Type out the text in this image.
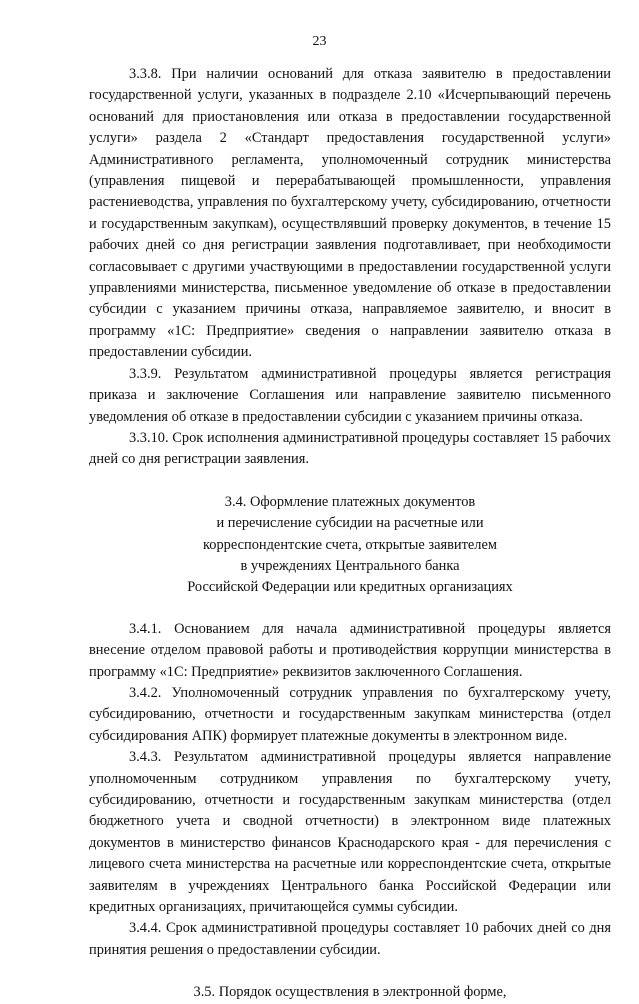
23

3.3.8. При наличии оснований для отказа заявителю в предоставлении государственной услуги, указанных в подразделе 2.10 «Исчерпывающий перечень оснований для приостановления или отказа в предоставлении государственной услуги» раздела 2 «Стандарт предоставления государственной услуги» Административного регламента, уполномоченный сотрудник министерства (управления пищевой и перерабатывающей промышленности, управления растениеводства, управления по бухгалтерскому учету, субсидированию, отчетности и государственным закупкам), осуществлявший проверку документов, в течение 15 рабочих дней со дня регистрации заявления подготавливает, при необходимости согласовывает с другими участвующими в предоставлении государственной услуги управлениями министерства, письменное уведомление об отказе в предоставлении субсидии с указанием причины отказа, направляемое заявителю, и вносит в программу «1С: Предприятие» сведения о направлении заявителю отказа в предоставлении субсидии.

3.3.9. Результатом административной процедуры является регистрация приказа и заключение Соглашения или направление заявителю письменного уведомления об отказе в предоставлении субсидии с указанием причины отказа.

3.3.10. Срок исполнения административной процедуры составляет 15 рабочих дней со дня регистрации заявления.

3.4. Оформление платежных документов

и перечисление субсидии на расчетные или

корреспондентские счета, открытые заявителем

в учреждениях Центрального банка

Российской Федерации или кредитных организациях

3.4.1. Основанием для начала административной процедуры является внесение отделом правовой работы и противодействия коррупции министерства в программу «1С: Предприятие» реквизитов заключенного Соглашения.

3.4.2. Уполномоченный сотрудник управления по бухгалтерскому учету, субсидированию, отчетности и государственным закупкам министерства (отдел субсидирования АПК) формирует платежные документы в электронном виде.

3.4.3. Результатом административной процедуры является направление уполномоченным сотрудником управления по бухгалтерскому учету, субсидированию, отчетности и государственным закупкам министерства (отдел бюджетного учета и сводной отчетности) в электронном виде платежных документов в министерство финансов Краснодарского края - для перечисления с лицевого счета министерства на расчетные или корреспондентские счета, открытые заявителям в учреждениях Центрального банка Российской Федерации или кредитных организациях, причитающейся суммы субсидии.

3.4.4. Срок административной процедуры составляет 10 рабочих дней со дня принятия решения о предоставлении субсидии.

3.5. Порядок осуществления в электронной форме,
